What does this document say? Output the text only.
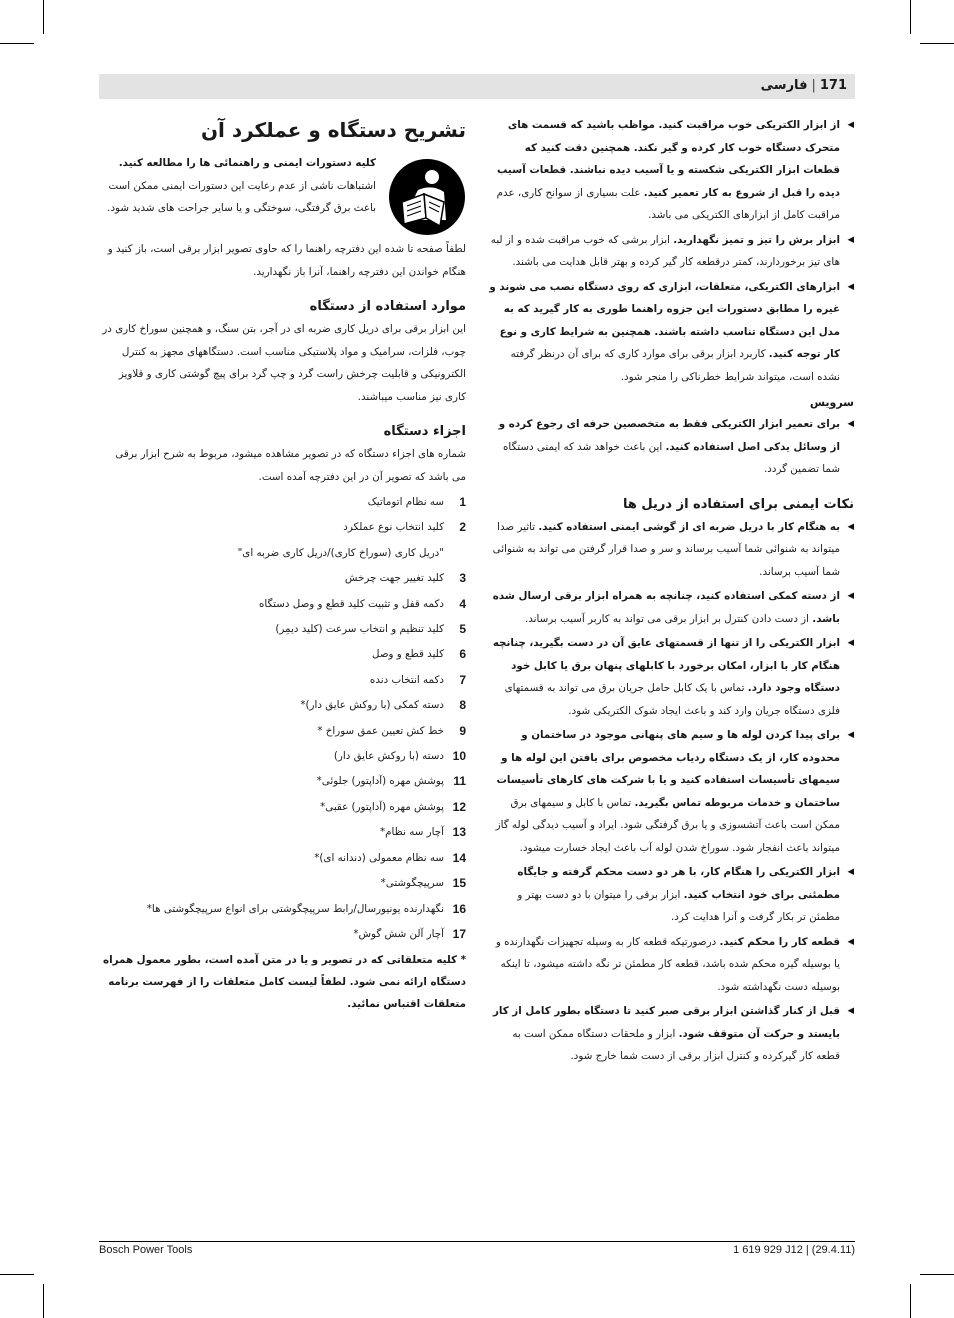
171|فارسی

◀ از ابزار الکتریکی خوب مراقبت کنید. مواظب باشید که قسمت های متحرک دستگاه خوب کار کرده و گیر نکند. همچنین دقت کنید که قطعات ابزار الکتریکی شکسته و یا آسیب دیده نباشند. قطعات آسیب دیده را قبل از شروع به کار تعمیر کنید. علت بسیاری از سوانح کاری، عدم مراقبت کامل از ابزارهای الکتریکی می باشد.

◀ ابزار برش را تیز و تمیز نگهدارید. ابزار برشی که خوب مراقبت شده و از لبه های تیز برخوردارند، کمتر درقطعه کار گیر کرده و بهتر قابل هدایت می باشند.

◀ ابزارهای الکتریکی، متعلقات، ابزاری که روی دستگاه نصب می شوند و غیره را مطابق دستورات این جزوه راهنما طوری به کار گیرید که به مدل این دستگاه تناسب داشته باشند. همچنین به شرایط کاری و نوع کار توجه کنید. کاربرد ابزار برقی برای موارد کاری که برای آن درنظر گرفته نشده است، میتواند شرایط خطرناکی را منجر شود.

سرویس

◀ برای تعمیر ابزار الکتریکی فقط به متخصصین حرفه ای رجوع کرده و از وسائل یدکی اصل استفاده کنید. این باعث خواهد شد که ایمنی دستگاه شما تضمین گردد.

نکات ایمنی برای استفاده از دریل ها

◀ به هنگام کار با دریل ضربه ای از گوشی ایمنی استفاده کنید. تاثیر صدا میتواند به شنوائی شما آسیب برساند و سر و صدا قرار گرفتن می تواند به شنوائی شما آسیب برساند.

◀ از دسته کمکی استفاده کنید، چنانچه به همراه ابزار برقی ارسال شده باشد. از دست دادن کنترل بر ابزار برقی می تواند به کاربر آسیب برساند.

◀ ابزار الکتریکی را از تنها از قسمتهای عایق آن در دست بگیرید، چنانچه هنگام کار با ابزار، امکان برخورد با کابلهای پنهان برق یا کابل خود دستگاه وجود دارد. تماس با یک کابل حامل جریان برق می تواند به قسمتهای فلزی دستگاه جریان وارد کند و باعث ایجاد شوک الکتریکی شود.

◀ برای پیدا کردن لوله ها و سیم های پنهانی موجود در ساختمان و محدوده کار، از یک دستگاه ردیاب مخصوص برای یافتن این لوله ها و سیمهای تأسیسات استفاده کنید و یا با شرکت های کارهای تأسیسات ساختمان و خدمات مربوطه تماس بگیرید. تماس با کابل و سیمهای برق ممکن است باعث آتشسوزی و یا برق گرفتگی شود. ایراد و آسیب دیدگی لوله گاز میتواند باعث انفجار شود. سوراخ شدن لوله آب باعث ایجاد خسارت میشود.

◀ ابزار الکتریکی را هنگام کار، با هر دو دست محکم گرفته و جایگاه مطمئنی برای خود انتخاب کنید. ابزار برقی را میتوان با دو دست بهتر و مطمئن تر بکار گرفت و آنرا هدایت کرد.

◀ قطعه کار را محکم کنید. درصورتیکه قطعه کار به وسیله تجهیزات نگهدارنده و یا بوسیله گیره محکم شده باشد، قطعه کار مطمئن تر نگه داشته میشود، تا اینکه بوسیله دست نگهداشته شود.

◀ قبل از کنار گذاشتن ابزار برقی صبر کنید تا دستگاه بطور کامل از کار بایستد و حرکت آن متوقف شود. ابزار و ملحقات دستگاه ممکن است به قطعه کار گیرکرده و کنترل ابزار برقی از دست شما خارج شود.

تشریح دستگاه و عملکرد آن

کلیه دستورات ایمنی و راهنمائی ها را مطالعه کنید. اشتباهات ناشی از عدم رعایت این دستورات ایمنی ممکن است باعث برق گرفتگی، سوختگی و یا سایر جراحت های شدید شود.

لطفاً صفحه تا شده این دفترچه راهنما را که حاوی تصویر ابزار برقی است، باز کنید و هنگام خواندن این دفترچه راهنما، آنرا باز نگهدارید.

موارد استفاده از دستگاه

این ابزار برقی برای دریل کاری ضربه ای در آجر، بتن سنگ، و همچنین سوراخ کاری در چوب، فلزات، سرامیک و مواد پلاستیکی مناسب است. دستگاههای مجهز به کنترل الکترونیکی و قابلیت چرخش راست گرد و چپ گرد برای پیچ گوشتی کاری و قلاویز کاری نیز مناسب میباشند.

اجزاء دستگاه

شماره های اجزاء دستگاه که در تصویر مشاهده میشود، مربوط به شرح ابزار برقی می باشد که تصویر آن در این دفترچه آمده است.

1
سه نظام اتوماتیک
2
کلید انتخاب نوع عملکرد
"دریل کاری (سوراخ کاری)/دریل کاری ضربه ای"
3
کلید تغییر جهت چرخش
4
دکمه قفل و تثبیت کلید قطع و وصل دستگاه
5
کلید تنظیم و انتخاب سرعت (کلید دیمِر)
6
کلید قطع و وصل
7
دکمه انتخاب دنده
8
دسته کمکی (با روکش عایق دار)*
9
خط کش تعیین عمق سوراخ *
10
دسته (با روکش عایق دار)
11
پوشش مهره (آداپتور) جلوئی*
12
پوشش مهره (آداپتور) عقبی*
13
آچار سه نظام*
14
سه نظام معمولی (دندانه ای)*
15
سرپیچگوشتی*
16
نگهدارنده یونیورسال/رابط سرپیچگوشتی برای انواع سرپیچگوشتی ها*
17
آچار آلن شش گوش*

* کلیه متعلقاتی که در تصویر و یا در متن آمده است، بطور معمول همراه دستگاه ارائه نمی شود. لطفاً لیست کامل متعلقات را از فهرست برنامه متعلقات اقتباس نمائید.

Bosch Power Tools	1 619 929 J12 | (29.4.11)
